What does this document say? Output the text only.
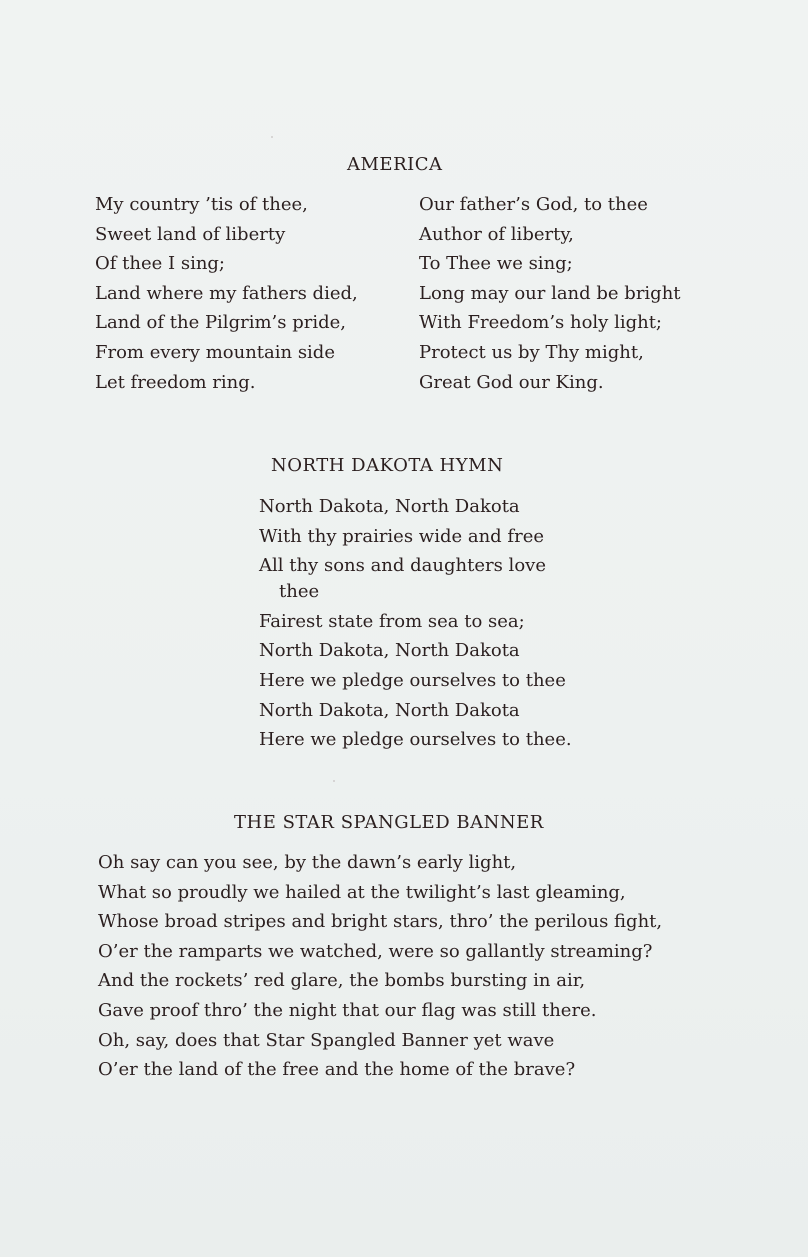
AMERICA
My country ’tis of thee,
Sweet land of liberty
Of thee I sing;
Land where my fathers died,
Land of the Pilgrim’s pride,
From every mountain side
Let freedom ring.
Our father’s God, to thee
Author of liberty,
To Thee we sing;
Long may our land be bright
With Freedom’s holy light;
Protect us by Thy might,
Great God our King.
NORTH DAKOTA HYMN
North Dakota, North Dakota
With thy prairies wide and free
All thy sons and daughters love
thee
Fairest state from sea to sea;
North Dakota, North Dakota
Here we pledge ourselves to thee
North Dakota, North Dakota
Here we pledge ourselves to thee.
THE STAR SPANGLED BANNER
Oh say can you see, by the dawn’s early light,
What so proudly we hailed at the twilight’s last gleaming,
Whose broad stripes and bright stars, thro’ the perilous fight,
O’er the ramparts we watched, were so gallantly streaming?
And the rockets’ red glare, the bombs bursting in air,
Gave proof thro’ the night that our flag was still there.
Oh, say, does that Star Spangled Banner yet wave
O’er the land of the free and the home of the brave?
